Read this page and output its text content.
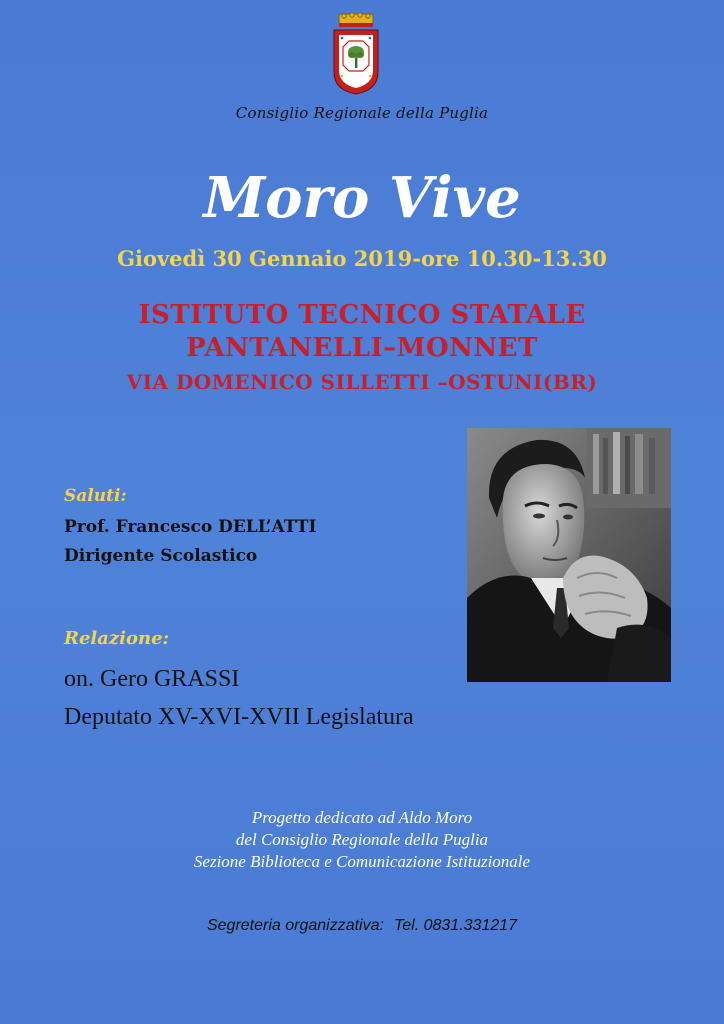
Consiglio Regionale della Puglia
Moro Vive
Giovedì 30 Gennaio 2019-ore 10.30-13.30
ISTITUTO TECNICO STATALE
PANTANELLI–MONNET
VIA DOMENICO SILLETTI –OSTUNI(BR)
Saluti:
Prof. Francesco DELL’ATTI
Dirigente Scolastico
Relazione:
on. Gero GRASSI
Deputato XV-XVI-XVII Legislatura
Progetto dedicato ad Aldo Moro
del Consiglio Regionale della Puglia
Sezione Biblioteca e Comunicazione Istituzionale
Segreteria organizzativa: Tel. 0831.331217
